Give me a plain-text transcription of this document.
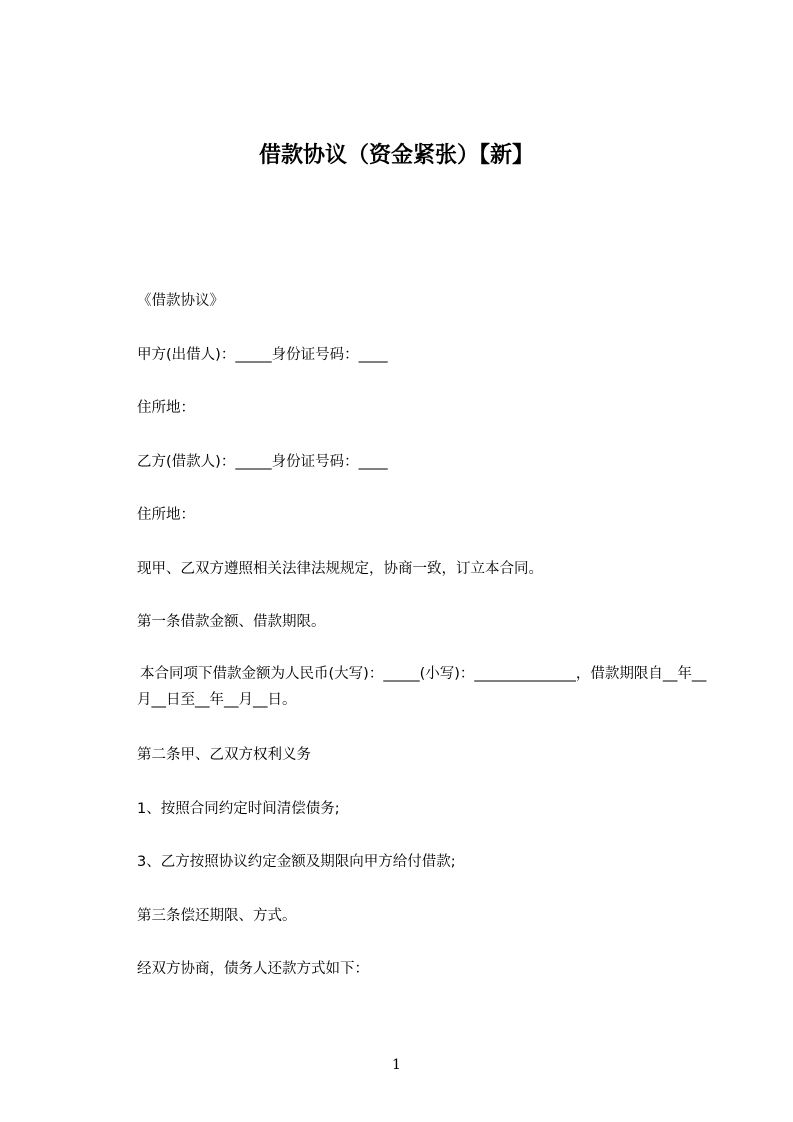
借款协议（资金紧张）【新】
《借款协议》
甲方(出借人)：_____身份证号码：____
住所地：
乙方(借款人)：_____身份证号码：____
住所地：
现甲、乙双方遵照相关法律法规规定，协商一致，订立本合同。
第一条借款金额、借款期限。
本合同项下借款金额为人民币(大写)：_____(小写)：______________，借款期限自__年__月__日至__年__月__日。
第二条甲、乙双方权利义务
1、按照合同约定时间清偿债务;
3、乙方按照协议约定金额及期限向甲方给付借款;
第三条偿还期限、方式。
经双方协商，债务人还款方式如下：
1
